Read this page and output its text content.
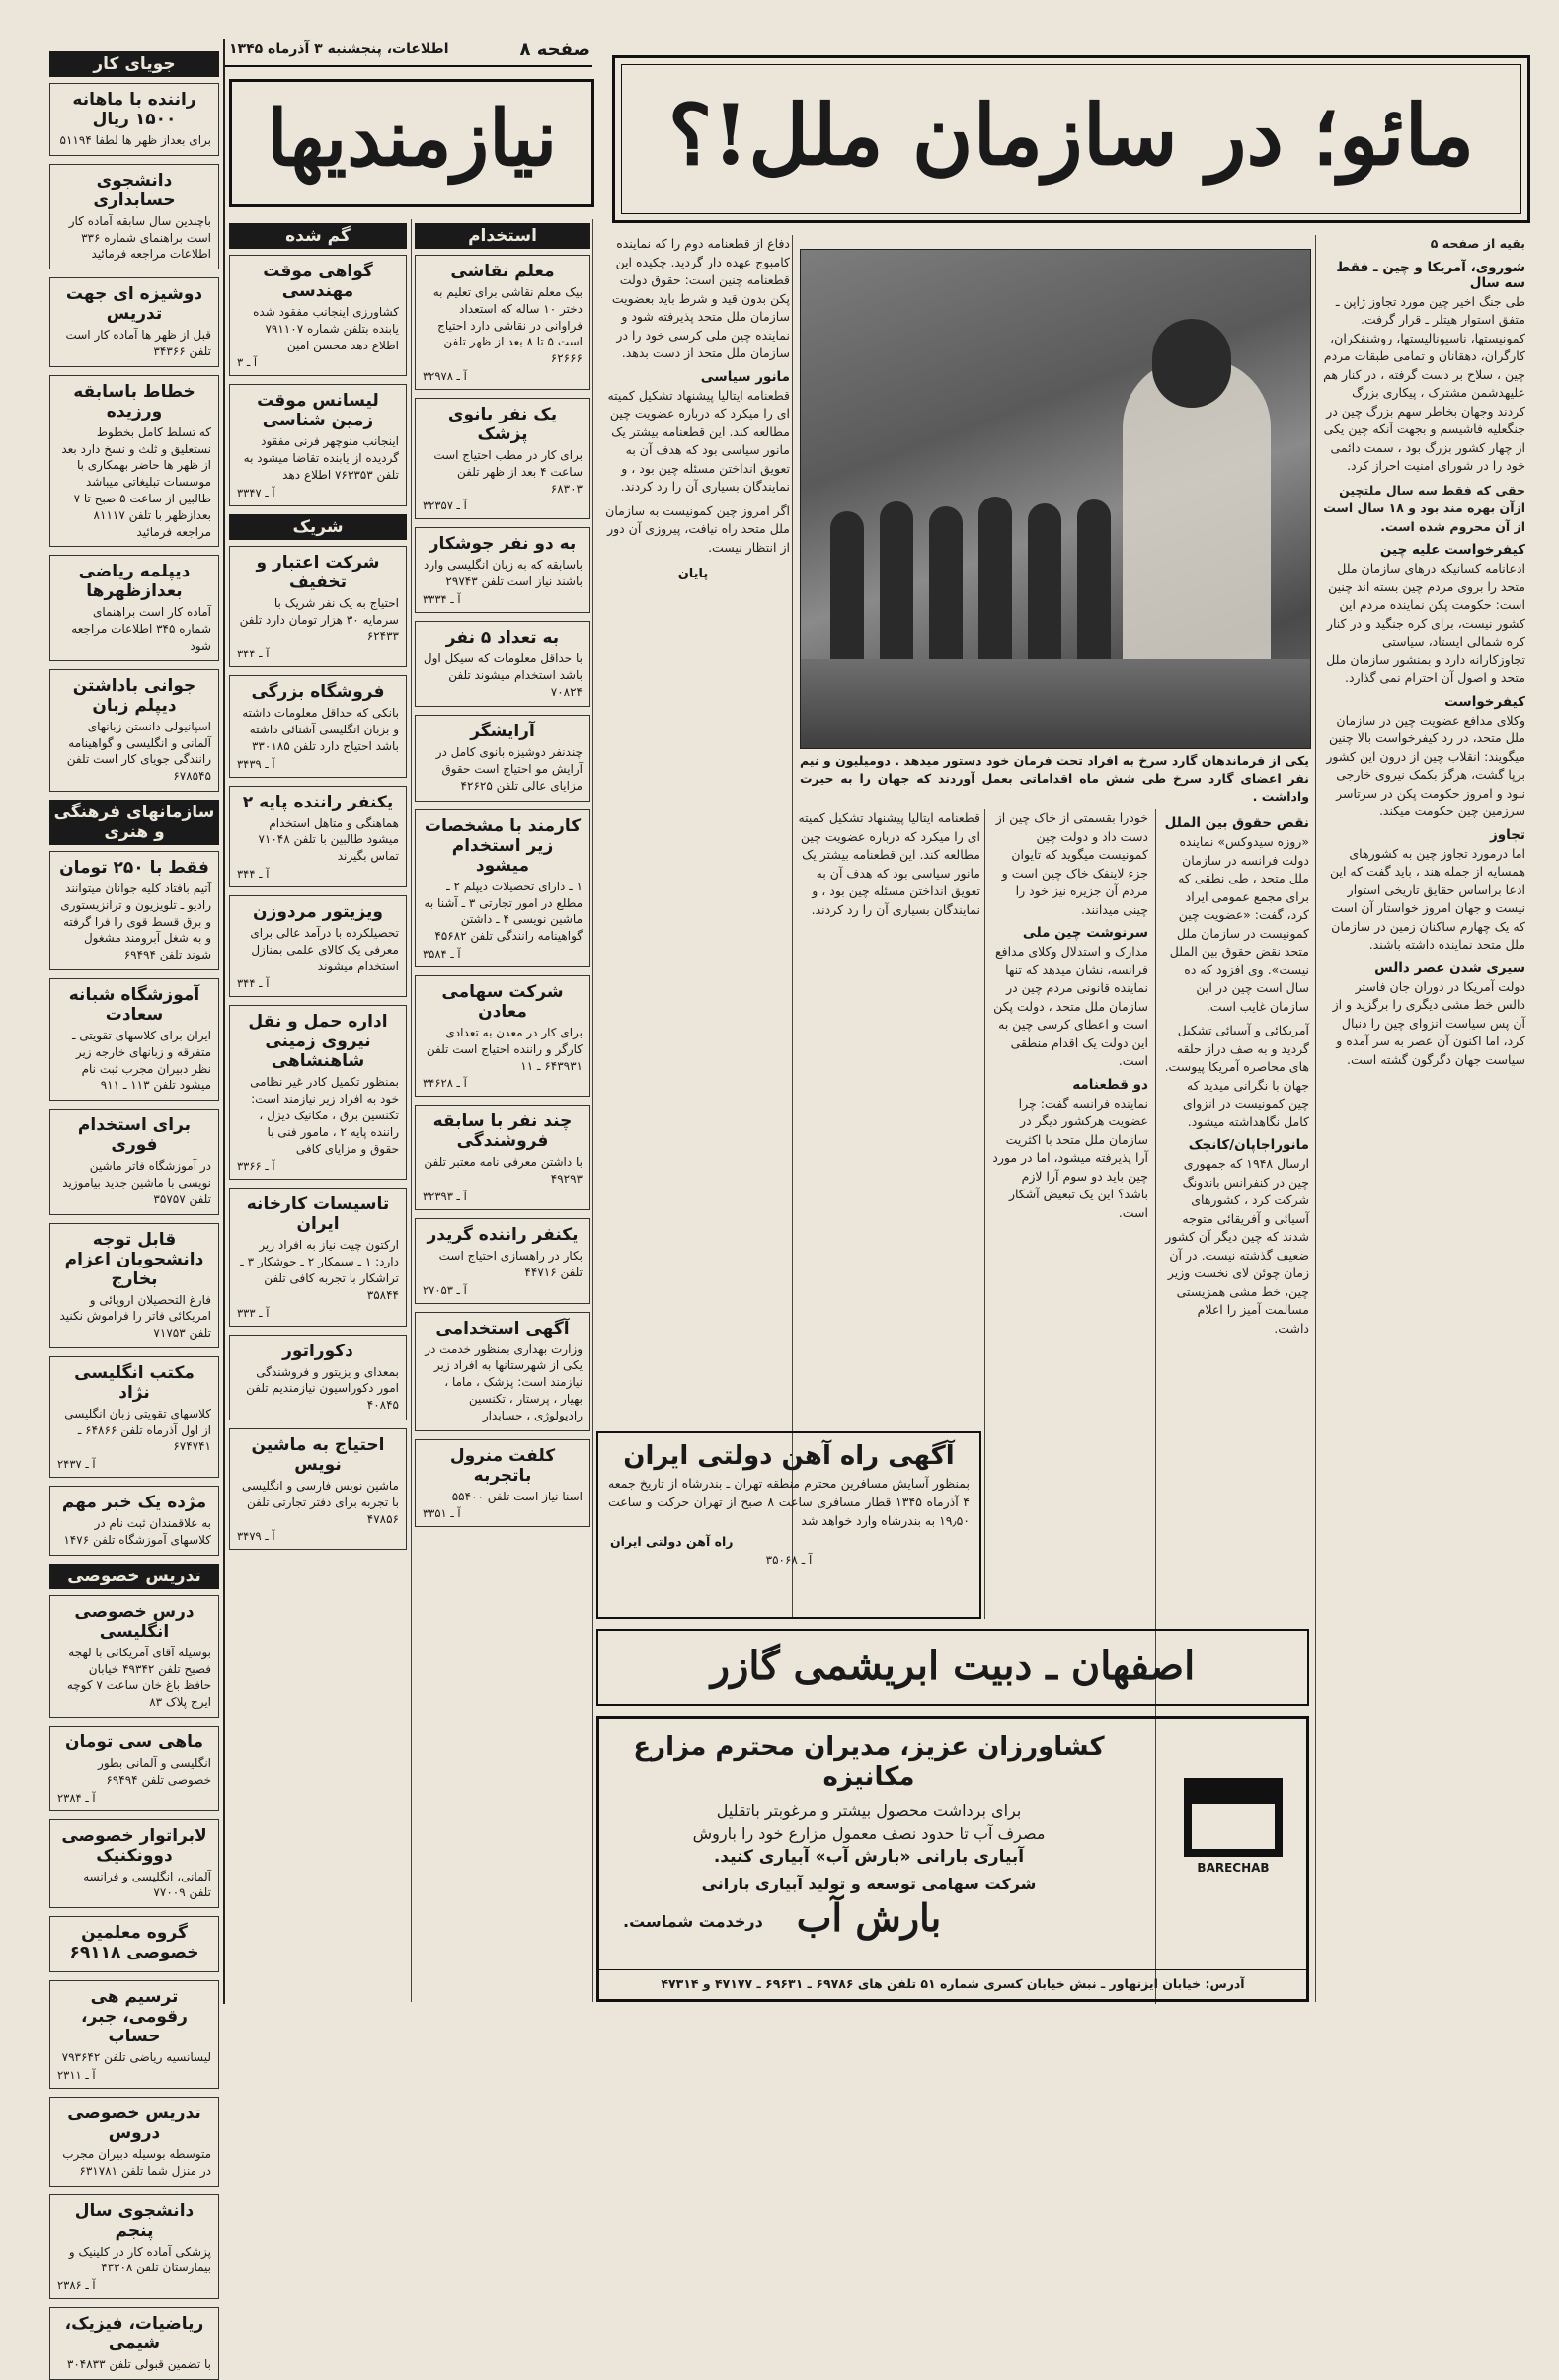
صفحه ۸
اطلاعات، پنجشنبه ۳ آذرماه ۱۳۴۵
مائو؛ در سازمان ملل!؟
نیازمندیها
بقیه از صفحه ۵
شوروی، آمریکا و چین ـ فقط سه سال
طی جنگ اخیر چین مورد تجاوز ژاپن ـ متفق استوار هیتلر ـ قرار گرفت. کمونیستها، ناسیونالیستها، روشنفکران، کارگران، دهقانان و تمامی طبقات مردم چین ، سلاح بر دست گرفته ، در کنار هم علیهدشمن مشترک ، پیکاری بزرگ کردند وجهان بخاطر سهم بزرگ چین در جنگعلیه فاشیسم و بجهت آنکه چین یکی از چهار کشور بزرگ بود ، سمت دائمی خود را در شورای امنیت احراز کرد.
حقی که فقط سه سال ملتچین ازآن بهره مند بود و ۱۸ سال است از آن محروم شده است.
کیفرخواست علیه چین
ادعانامه کسانیکه درهای سازمان ملل متحد را بروی مردم چین بسته اند چنین است: حکومت پکن نماینده مردم این کشور نیست، برای کره جنگید و در کنار کره شمالی ایستاد، سیاستی تجاوزکارانه دارد و بمنشور سازمان ملل متحد و اصول آن احترام نمی گذارد.
کیفرخواست
وکلای مدافع عضویت چین در سازمان ملل متحد، در رد کیفرخواست بالا چنین میگویند: انقلاب چین از درون این کشور برپا گشت، هرگز بکمک نیروی خارجی نبود و امروز حکومت پکن در سرتاسر سرزمین چین حکومت میکند.
تجاوز
اما درمورد تجاوز چین به کشورهای همسایه از جمله هند ، باید گفت که این ادعا براساس حقایق تاریخی استوار نیست و جهان امروز خواستار آن است که یک چهارم ساکنان زمین در سازمان ملل متحد نماینده داشته باشند.
سیری شدن عصر دالس
دولت آمریکا در دوران جان فاستر دالس خط مشی دیگری را برگزید و از آن پس سیاست انزوای چین را دنبال کرد، اما اکنون آن عصر به سر آمده و سیاست جهان دگرگون گشته است.
یکی از فرماندهان گارد سرخ به افراد تحت فرمان خود دستور میدهد . دومیلیون و نیم نفر اعضای گارد سرخ طی شش ماه اقداماتی بعمل آوردند که جهان را به حیرت واداشت .
نقض حقوق بین الملل
«روزه سیدوکس» نماینده دولت فرانسه در سازمان ملل متحد ، طی نطقی که برای مجمع عمومی ایراد کرد، گفت: «عضویت چین کمونیست در سازمان ملل متحد نقض حقوق بین الملل نیست». وی افزود که ده سال است چین در این سازمان غایب است.
آمریکائی و آسیائی تشکیل گردید و به صف دراز حلقه های محاصره آمریکا پیوست. جهان با نگرانی میدید که چین کمونیست در انزوای کامل نگاهداشته میشود.
مانوراجاپان/کانجک
ارسال ۱۹۴۸ که جمهوری چین در کنفرانس باندونگ شرکت کرد ، کشورهای آسیائی و آفریقائی متوجه شدند که چین دیگر آن کشور ضعیف گذشته نیست. در آن زمان چوئن لای نخست وزیر چین، خط مشی همزیستی مسالمت آمیز را اعلام داشت.
خودرا بقسمتی از خاک چین از دست داد و دولت چین کمونیست میگوید که تایوان جزء لاینفک خاک چین است و مردم آن جزیره نیز خود را چینی میدانند.
سرنوشت چین ملی
مدارک و استدلال وکلای مدافع فرانسه، نشان میدهد که تنها نماینده قانونی مردم چین در سازمان ملل متحد ، دولت پکن است و اعطای کرسی چین به این دولت یک اقدام منطقی است.
دو قطعنامه
نماینده فرانسه گفت: چرا عضویت هرکشور دیگر در سازمان ملل متحد با اکثریت آرا پذیرفته میشود، اما در مورد چین باید دو سوم آرا لازم باشد؟ این یک تبعیض آشکار است.
دفاع از قطعنامه دوم را که نماینده کامبوج عهده دار گردید. چکیده این قطعنامه چنین است: حقوق دولت پکن بدون قید و شرط باید بعضویت سازمان ملل متحد پذیرفته شود و نماینده چین ملی کرسی خود را در سازمان ملل متحد از دست بدهد.
مانور سیاسی
قطعنامه ایتالیا پیشنهاد تشکیل کمیته ای را میکرد که درباره عضویت چین مطالعه کند. این قطعنامه بیشتر یک مانور سیاسی بود که هدف آن به تعویق انداختن مسئله چین بود ، و نمایندگان بسیاری آن را رد کردند.
اگر امروز چین کمونیست به سازمان ملل متحد راه نیافت، پیروزی آن دور از انتظار نیست.
پایان
قطعنامه ایتالیا پیشنهاد تشکیل کمیته ای را میکرد که درباره عضویت چین مطالعه کند. این قطعنامه بیشتر یک مانور سیاسی بود که هدف آن به تعویق انداختن مسئله چین بود ، و نمایندگان بسیاری آن را رد کردند.
آگهی راه آهن دولتی ایران
بمنظور آسایش مسافرین محترم منطقه تهران ـ بندرشاه از تاریخ جمعه ۴ آذرماه ۱۳۴۵ قطار مسافری ساعت ۸ صبح از تهران حرکت و ساعت ۱۹٫۵۰ به بندرشاه وارد خواهد شد
راه آهن دولتی ایران
آ ـ ۳۵۰۶۸
اصفهان ـ دبیت ابریشمی گازر
کشاورزان عزیز، مدیران محترم مزارع مکانیزه
برای برداشت محصول بیشتر و مرغوبتر باتقلیل
مصرف آب تا حدود نصف معمول مزارع خود را باروش
آبیاری بارانی «بارش آب» آبیاری کنید.
شرکت سهامی توسعه و تولید آبیاری بارانی
بارش آب
درخدمت شماست.
BARECHAB
آدرس: خیابان ایزنهاور ـ نبش خیابان کسری شماره ۵۱ تلفن های ۶۹۷۸۶ ـ ۶۹۶۳۱ ـ ۴۷۱۷۷ و ۴۷۳۱۴
استخدام
معلم نقاشی

بیک معلم نقاشی برای تعلیم به دختر ۱۰ ساله که استعداد فراوانی در نقاشی دارد احتیاج است ۵ تا ۸ بعد از ظهر تلفن ۶۲۶۶۶

آ ـ ۳۲۹۷۸
یک نفر بانوی پزشک

برای کار در مطب احتیاج است ساعت ۴ بعد از ظهر تلفن ۶۸۳۰۳

آ ـ ۳۲۳۵۷
به دو نفر جوشکار

باسابقه که به زبان انگلیسی وارد باشند نیاز است تلفن ۲۹۷۴۳

آ ـ ۳۳۳۴
به تعداد ۵ نفر

با حداقل معلومات که سیکل اول باشد استخدام میشوند تلفن ۷۰۸۲۴

آرایشگر

چندنفر دوشیزه بانوی کامل در آرایش مو احتیاج است حقوق مزایای عالی تلفن ۴۲۶۲۵

کارمند با مشخصات زیر استخدام میشود

۱ ـ دارای تحصیلات دیپلم ۲ ـ مطلع در امور تجارتی ۳ ـ آشنا به ماشین نویسی ۴ ـ داشتن گواهینامه رانندگی تلفن ۴۵۶۸۲

آ ـ ۳۵۸۴
شرکت سهامی معادن

برای کار در معدن به تعدادی کارگر و راننده احتیاج است تلفن ۶۴۳۹۳۱ ـ ۱۱

آ ـ ۳۴۶۲۸
چند نفر با سابقه فروشندگی

با داشتن معرفی نامه معتبر تلفن ۴۹۲۹۳

آ ـ ۳۲۳۹۳
یکنفر راننده گریدر

بکار در راهسازی احتیاج است تلفن ۴۴۷۱۶

آ ـ ۲۷۰۵۳
آگهی استخدامی

وزارت بهداری بمنظور خدمت در یکی از شهرستانها به افراد زیر نیازمند است: پزشک ، ماما ، بهیار ، پرستار ، تکنسین رادیولوژی ، حسابدار

کلفت منرول باتجربه

اسنا نیاز است تلفن ۵۵۴۰۰

آ ـ ۳۳۵۱
گم شده
گواهی موقت مهندسی

کشاورزی اینجانب مفقود شده یابنده بتلفن شماره ۷۹۱۱۰۷ اطلاع دهد محسن امین

آ ـ ۳
لیسانس موقت زمین شناسی

اینجانب منوچهر فرنی مفقود گردیده از یابنده تقاضا میشود به تلفن ۷۶۳۳۵۳ اطلاع دهد

آ ـ ۳۳۴۷
شریک
شرکت اعتبار و تخفیف

احتیاج به یک نفر شریک با سرمایه ۳۰ هزار تومان دارد تلفن ۶۲۴۳۳

آ ـ ۳۴۴
فروشگاه بزرگی

بانکی که حداقل معلومات داشته و بزبان انگلیسی آشنائی داشته باشد احتیاج دارد تلفن ۳۳۰۱۸۵

آ ـ ۳۴۳۹
یکنفر راننده پایه ۲

هماهنگی و متاهل استخدام میشود طالبین با تلفن ۷۱۰۴۸ تماس بگیرند

آ ـ ۳۴۴
ویزیتور مردوزن

تحصیلکرده با درآمد عالی برای معرفی یک کالای علمی بمنازل استخدام میشوند

آ ـ ۳۴۴
اداره حمل و نقل نیروی زمینی شاهنشاهی

بمنظور تکمیل کادر غیر نظامی خود به افراد زیر نیازمند است: تکنسین برق ، مکانیک دیزل ، راننده پایه ۲ ، مامور فنی با حقوق و مزایای کافی

آ ـ ۳۳۶۶
تاسیسات کارخانه ایران

ارکتون چیت نیاز به افراد زیر دارد: ۱ ـ سیمکار ۲ ـ جوشکار ۳ ـ تراشکار با تجربه کافی تلفن ۳۵۸۴۴

آ ـ ۳۳۳
دکوراتور

بمعدای و یزیتور و فروشندگی امور دکوراسیون نیازمندیم تلفن ۴۰۸۴۵

احتیاج به ماشین نویس

ماشین نویس فارسی و انگلیسی با تجربه برای دفتر تجارتی تلفن ۴۷۸۵۶

آ ـ ۳۴۷۹
جویای کار
راننده با ماهانه ۱۵۰۰ ریال

برای بعداز ظهر ها لطفا ۵۱۱۹۴

دانشجوی حسابداری

باچندین سال سابقه آماده کار است براهنمای شماره ۳۳۶ اطلاعات مراجعه فرمائید

دوشیزه ای جهت تدریس

قبل از ظهر ها آماده کار است تلفن ۳۴۳۶۶

خطاط باسابقه ورزیده

که تسلط کامل بخطوط نستعلیق و ثلث و نسخ دارد بعد از ظهر ها حاضر بهمکاری با موسسات تبلیغاتی میباشد طالبین از ساعت ۵ صبح تا ۷ بعدازظهر با تلفن ۸۱۱۱۷ مراجعه فرمائید

دیپلمه ریاضی بعدازظهرها

آماده کار است براهنمای شماره ۳۴۵ اطلاعات مراجعه شود

جوانی باداشتن دیپلم زبان

اسپانیولی دانستن زبانهای آلمانی و انگلیسی و گواهینامه رانندگی جویای کار است تلفن ۶۷۸۵۴۵

سازمانهای فرهنگی و هنری
فقط با ۲۵۰ تومان

آتیم بافتاد کلیه جوانان میتوانند رادیو ـ تلویزیون و ترانزیستوری و برق قسط قوی را فرا گرفته و به شغل آبرومند مشغول شوند تلفن ۶۹۴۹۴

آموزشگاه شبانه سعادت

ایران برای کلاسهای تقویتی ـ متفرقه و زبانهای خارجه زیر نظر دبیران مجرب ثبت نام میشود تلفن ۱۱۳ ـ ۹۱۱

برای استخدام فوری

در آموزشگاه فاتر ماشین نویسی با ماشین جدید بیاموزید تلفن ۳۵۷۵۷

قابل توجه دانشجویان اعزام بخارج

فارغ التحصیلان اروپائی و امریکائی فاتر را فراموش نکنید تلفن ۷۱۷۵۳

مکتب انگلیسی نژاد

کلاسهای تقویتی زبان انگلیسی از اول آذرماه تلفن ۶۴۸۶۶ ـ ۶۷۴۷۴۱

آ ـ ۲۴۳۷
مژده یک خبر مهم

به علاقمندان ثبت نام در کلاسهای آموزشگاه تلفن ۱۴۷۶

تدریس خصوصی
درس خصوصی انگلیسی

بوسیله آقای آمریکائی با لهجه فصیح تلفن ۴۹۳۴۲ خیابان حافظ باغ خان ساعت ۷ کوچه ایرج پلاک ۸۳

ماهی سی تومان

انگلیسی و آلمانی بطور خصوصی تلفن ۶۹۴۹۴

آ ـ ۲۳۸۴
لابراتوار خصوصی دوونکنیک

آلمانی، انگلیسی و فرانسه تلفن ۷۷۰۰۹

گروه معلمین خصوصی ۶۹۱۱۸
ترسیم هی رقومی، جبر، حساب

لیسانسیه ریاضی تلفن ۷۹۳۶۴۲

آ ـ ۲۳۱۱
تدریس خصوصی دروس

متوسطه بوسیله دبیران مجرب در منزل شما تلفن ۶۳۱۷۸۱

دانشجوی سال پنجم

پزشکی آماده کار در کلینیک و بیمارستان تلفن ۴۳۳۰۸

آ ـ ۲۳۸۶
ریاضیات، فیزیک، شیمی

با تضمین قبولی تلفن ۳۰۴۸۳۳
